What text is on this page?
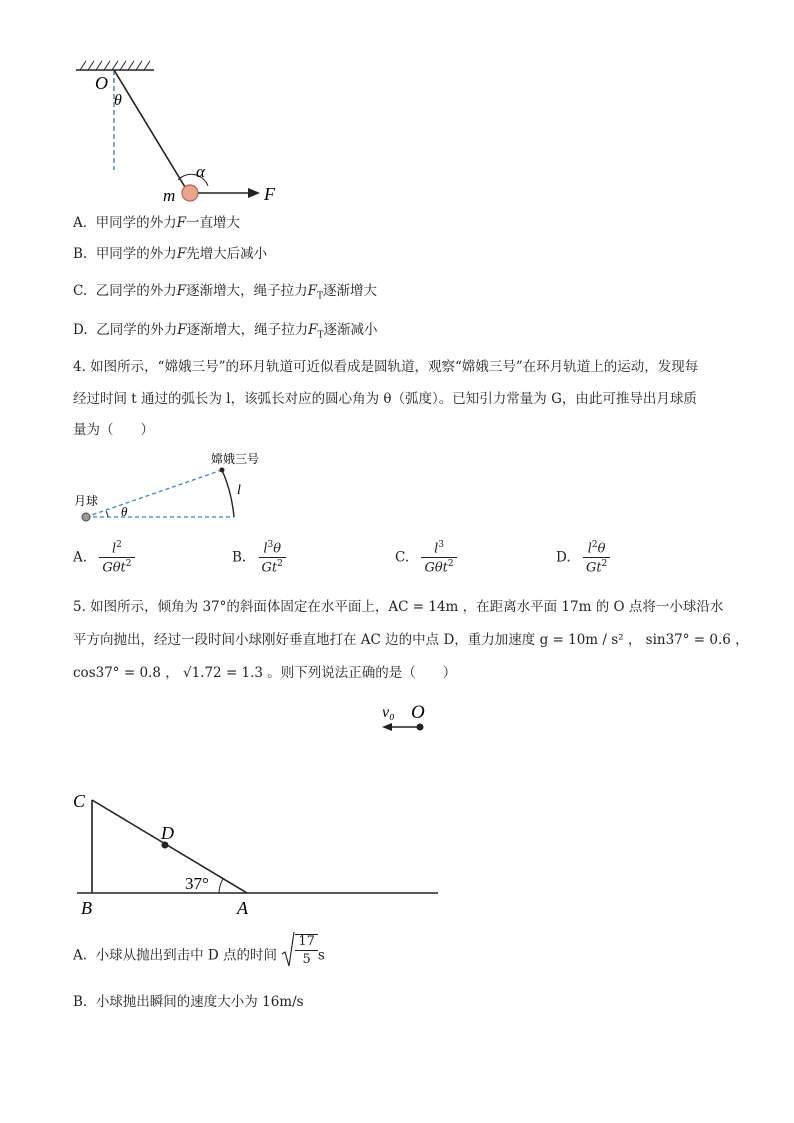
O
θ
α
m	F
A. 甲同学的外力F一直增大
B. 甲同学的外力F先增大后减小
C. 乙同学的外力F逐渐增大，绳子拉力$F_T$逐渐增大
D. 乙同学的外力F逐渐增大，绳子拉力$F_T$逐渐减小
4. 如图所示，“嫦娥三号”的环月轨道可近似看成是圆轨道，观察“嫦娥三号”在环月轨道上的运动，发现每
经过时间 t 通过的弧长为 l，该弧长对应的圆心角为 θ（弧度）。已知引力常量为 G，由此可推导出月球质
量为（　　）
嫦娥三号
月球
l
θ
A. $\frac{l^2}{G\theta t^2}$	B. $\frac{l^3\theta}{Gt^2}$	C. $\frac{l^3}{G\theta t^2}$	D. $\frac{l^2\theta}{Gt^2}$
5. 如图所示，倾角为 37°的斜面体固定在水平面上，AC = 14m ，在距离水平面 17m 的 O 点将一小球沿水
平方向抛出，经过一段时间小球刚好垂直地打在 AC 边的中点 D，重力加速度 g = 10m / s² ， sin37° = 0.6 ，
cos37° = 0.8 ， √1.72 = 1.3 。则下列说法正确的是（　　）
v₀ O
C
D
37°
B	A
A. 小球从抛出到击中 D 点的时间 $\frac{17}{5}$ s
B. 小球抛出瞬间的速度大小为 16m/s
